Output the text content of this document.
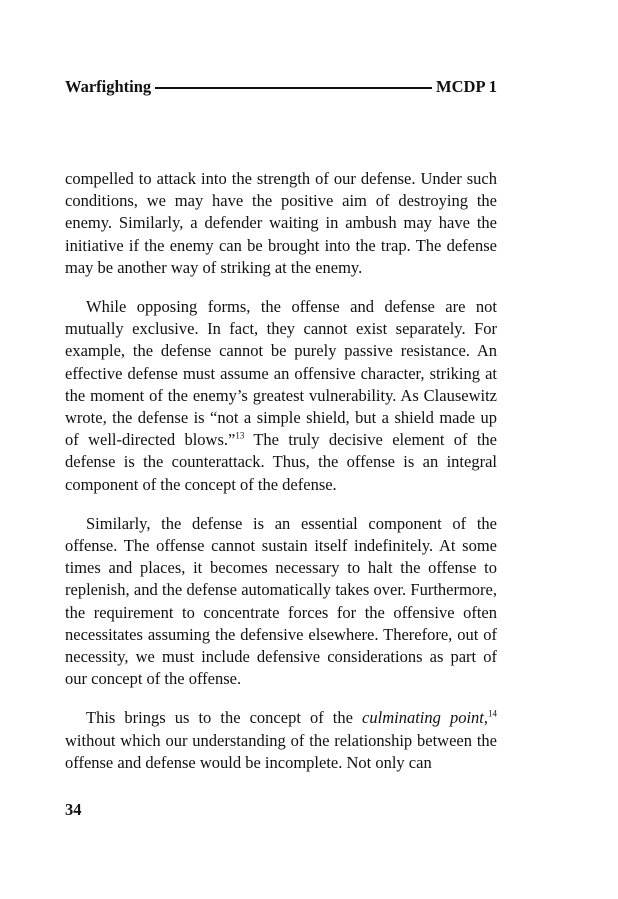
Warfighting	MCDP 1

compelled to attack into the strength of our defense. Under such conditions, we may have the positive aim of destroying the enemy. Similarly, a defender waiting in ambush may have the initiative if the enemy can be brought into the trap. The defense may be another way of striking at the enemy.

While opposing forms, the offense and defense are not mutually exclusive. In fact, they cannot exist separately. For example, the defense cannot be purely passive resistance. An effective defense must assume an offensive character, striking at the moment of the enemy’s greatest vulnerability. As Clausewitz wrote, the defense is “not a simple shield, but a shield made up of well-directed blows.”$^{13}$ The truly decisive element of the defense is the counterattack. Thus, the offense is an integral component of the concept of the defense.

Similarly, the defense is an essential component of the offense. The offense cannot sustain itself indefinitely. At some times and places, it becomes necessary to halt the offense to replenish, and the defense automatically takes over. Furthermore, the requirement to concentrate forces for the offensive often necessitates assuming the defensive elsewhere. Therefore, out of necessity, we must include defensive considerations as part of our concept of the offense.

This brings us to the concept of the culminating point,$^{14}$ without which our understanding of the relationship between the offense and defense would be incomplete. Not only can

34
